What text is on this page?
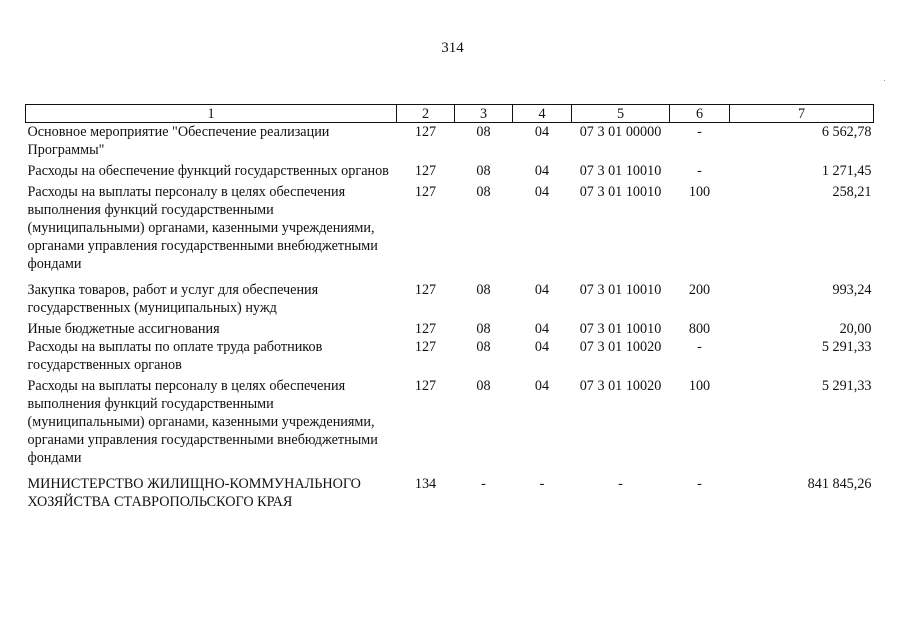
314
1	2	3	4	5	6	7
Основное мероприятие "Обеспечение реализации Программы"	127	08	04	07 3 01 00000	-	6 562,78
Расходы на обеспечение функций государственных органов	127	08	04	07 3 01 10010	-	1 271,45
Расходы на выплаты персоналу в целях обеспечения выполнения функций государственными (муниципальными) органами, казенными учреждениями, органами управления государственными внебюджетными фондами	127	08	04	07 3 01 10010	100	258,21
Закупка товаров, работ и услуг для обеспечения государственных (муниципальных) нужд	127	08	04	07 3 01 10010	200	993,24
Иные бюджетные ассигнования	127	08	04	07 3 01 10010	800	20,00
Расходы на выплаты по оплате труда работников государственных органов	127	08	04	07 3 01 10020	-	5 291,33
Расходы на выплаты персоналу в целях обеспечения выполнения функций государственными (муниципальными) органами, казенными учреждениями, органами управления государственными внебюджетными фондами	127	08	04	07 3 01 10020	100	5 291,33
МИНИСТЕРСТВО ЖИЛИЩНО-КОММУНАЛЬНОГО ХОЗЯЙСТВА СТАВРОПОЛЬСКОГО КРАЯ	134	-	-	-	-	841 845,26
